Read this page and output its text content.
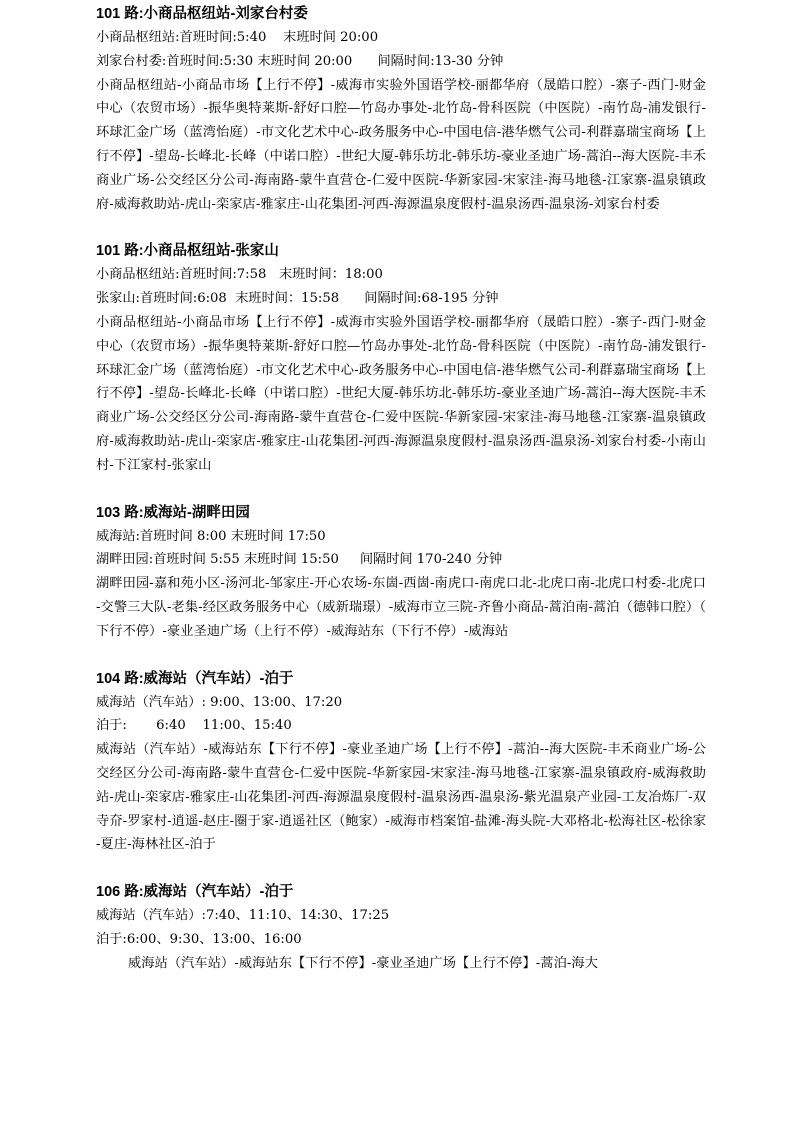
101 路:小商品枢纽站-刘家台村委
小商品枢纽站:首班时间:5:40    末班时间 20:00
刘家台村委:首班时间:5:30 末班时间 20:00      间隔时间:13-30 分钟
小商品枢纽站-小商品市场【上行不停】-威海市实验外国语学校-丽都华府（晟皓口腔）-寨子-西门-财金中心（农贸市场）-振华奥特莱斯-舒好口腔—竹岛办事处-北竹岛-骨科医院（中医院）-南竹岛-浦发银行-环球汇金广场（蓝湾怡庭）-市文化艺术中心-政务服务中心-中国电信-港华燃气公司-利群嘉瑞宝商场【上行不停】-望岛-长峰北-长峰（中诺口腔）-世纪大厦-韩乐坊北-韩乐坊-豪业圣迪广场-蒿泊--海大医院-丰禾商业广场-公交经区分公司-海南路-蒙牛直营仓-仁爱中医院-华新家园-宋家洼-海马地毯-江家寨-温泉镇政府-威海救助站-虎山-栾家店-雅家庄-山花集团-河西-海源温泉度假村-温泉汤西-温泉汤-刘家台村委
101 路:小商品枢纽站-张家山
小商品枢纽站:首班时间:7:58   末班时间：18:00
张家山:首班时间:6:08  末班时间：15:58      间隔时间:68-195 分钟
小商品枢纽站-小商品市场【上行不停】-威海市实验外国语学校-丽都华府（晟皓口腔）-寨子-西门-财金中心（农贸市场）-振华奥特莱斯-舒好口腔—竹岛办事处-北竹岛-骨科医院（中医院）-南竹岛-浦发银行-环球汇金广场（蓝湾怡庭）-市文化艺术中心-政务服务中心-中国电信-港华燃气公司-利群嘉瑞宝商场【上行不停】-望岛-长峰北-长峰（中诺口腔）-世纪大厦-韩乐坊北-韩乐坊-豪业圣迪广场-蒿泊--海大医院-丰禾商业广场-公交经区分公司-海南路-蒙牛直营仓-仁爱中医院-华新家园-宋家洼-海马地毯-江家寨-温泉镇政府-威海救助站-虎山-栾家店-雅家庄-山花集团-河西-海源温泉度假村-温泉汤西-温泉汤-刘家台村委-小南山村-下江家村-张家山
103 路:威海站-湖畔田园
威海站:首班时间 8:00 末班时间 17:50
湖畔田园:首班时间 5:55 末班时间 15:50     间隔时间 170-240 分钟
湖畔田园-嘉和苑小区-汤河北-邹家庄-开心农场-东崮-西崮-南虎口-南虎口北-北虎口南-北虎口村委-北虎口-交警三大队-老集-经区政务服务中心（威新瑞璟）-威海市立三院-齐鲁小商品-蒿泊南-蒿泊（德韩口腔）（下行不停）-豪业圣迪广场（上行不停）-威海站东（下行不停）-威海站
104 路:威海站（汽车站）-泊于
威海站（汽车站）: 9:00、13:00、17:20
泊于:       6:40    11:00、15:40
威海站（汽车站）-威海站东【下行不停】-豪业圣迪广场【上行不停】-蒿泊--海大医院-丰禾商业广场-公交经区分公司-海南路-蒙牛直营仓-仁爱中医院-华新家园-宋家洼-海马地毯-江家寨-温泉镇政府-威海救助站-虎山-栾家店-雅家庄-山花集团-河西-海源温泉度假村-温泉汤西-温泉汤-紫光温泉产业园-工友冶炼厂-双寺夼-罗家村-逍遥-赵庄-圈于家-逍遥社区（鲍家）-威海市档案馆-盐滩-海头院-大邓格北-松海社区-松徐家-夏庄-海林社区-泊于
106 路:威海站（汽车站）-泊于
威海站（汽车站）:7:40、11:10、14:30、17:25
泊于:6:00、9:30、13:00、16:00
威海站（汽车站）-威海站东【下行不停】-豪业圣迪广场【上行不停】-蒿泊-海大
